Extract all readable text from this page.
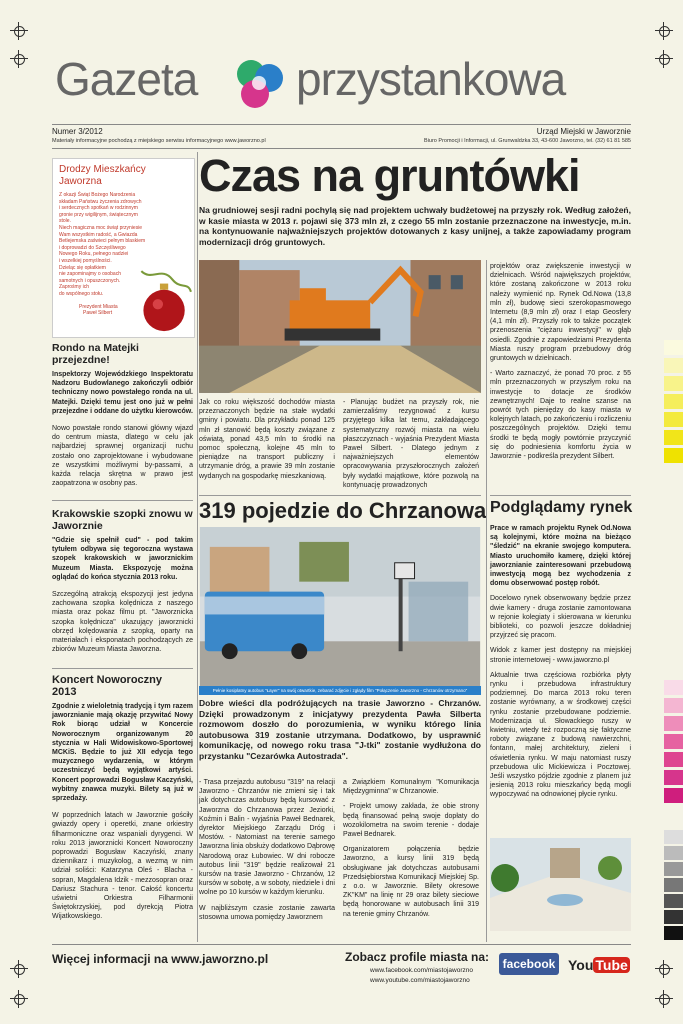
Gazeta przystankowa
Numer 3/2012	Urząd Miejski w Jaworznie
Materiały informacyjne pochodzą z miejskiego serwisu informacyjnego www.jaworzno.pl	Biuro Promocji i Informacji, ul. Grunwaldzka 33, 43-600 Jaworzno, tel. (32) 61 81 585
Drodzy Mieszkańcy Jaworzna
Z okazji Świąt Bożego Narodzenia
składam Państwu życzenia zdrowych
i serdecznych spotkań w rodzinnym
gronie przy wigilijnym, świątecznym stole.
Niech magiczna moc świąt przyniesie
Wam wszystkim radość, a Gwiazda
Betlejemska zaświeci pełnym blaskiem
i doprowadzi do Szczęśliwego
Nowego Roku, pełnego nadziei
i wszelkiej pomyślności.
Dzieląc się opłatkiem
nie zapominajmy o osobach
samotnych i opuszczonych.
Zaprośmy ich
do wspólnego stołu.
Prezydent Miasta
Paweł Silbert
Rondo na Matejki przejezdne!

Inspektorzy Wojewódzkiego Inspektoratu Nadzoru Budowlanego zakończyli odbiór techniczny nowo powstałego ronda na ul. Matejki. Dzięki temu jest ono już w pełni przejezdne i oddane do użytku kierowców.

Nowo powstałe rondo stanowi główny wjazd do centrum miasta, dlatego w celu jak najbardziej sprawnej organizacji ruchu zostało ono zaprojektowane i wybudowane ze wszystkimi możliwymi by-passami, a każda relacja skrętna w prawo jest zaopatrzona w osobny pas.

Krakowskie szopki znowu w Jaworznie

"Gdzie się spełnił cud" - pod takim tytułem odbywa się tegoroczna wystawa szopek krakowskich w jaworznickim Muzeum Miasta. Ekspozycję można oglądać do końca stycznia 2013 roku.

Szczególną atrakcją ekspozycji jest jedyna zachowana szopka kolędnicza z naszego miasta oraz pokaz filmu pt. "Jaworznicka szopka kolędnicza" ukazujący jaworznicki obrzęd kolędowania z szopką, oparty na materiałach i eksponatach pochodzących ze zbiorów Muzeum Miasta Jaworzna.

Koncert Noworoczny 2013

Zgodnie z wieloletnią tradycją i tym razem jaworznianie mają okazję przywitać Nowy Rok biorąc udział w Koncercie Noworocznym organizowanym 20 stycznia w Hali Widowiskowo-Sportowej MCKiS. Będzie to już XII edycja tego muzycznego wydarzenia, w którym uczestniczyć będą wyjątkowi artyści. Koncert poprowadzi Bogusław Kaczyński, wybitny znawca muzyki. Bilety są już w sprzedaży.

W poprzednich latach w Jaworznie gościły gwiazdy opery i operetki, znane orkiestry filharmoniczne oraz wspaniali dyrygenci. W roku 2013 jaworznicki Koncert Noworoczny poprowadzi Bogusław Kaczyński, znany dziennikarz i muzykolog, a wezmą w nim udział soliści: Katarzyna Oleś - Blacha - sopran, Magdalena Idzik - mezzosopran oraz Dariusz Stachura - tenor. Całość koncertu uświetni Orkiestra Filharmonii Świętokrzyskiej, pod dyrekcją Piotra Wijatkowskiego.

Czas na gruntówki
Na grudniowej sesji radni pochylą się nad projektem uchwały budżetowej na przyszły rok. Według założeń, w kasie miasta w 2013 r. pojawi się 373 mln zł, z czego 55 mln zostanie przeznaczone na inwestycje, m.in. na kontynuowanie najważniejszych projektów dotowanych z kasy unijnej, a także zapowiadamy program modernizacji dróg gruntowych.

Jak co roku większość dochodów miasta przeznaczonych będzie na stałe wydatki gminy i powiatu. Dla przykładu ponad 125 mln zł stanowić będą koszty związane z oświatą, ponad 43,5 mln to środki na pomoc społeczną, kolejne 45 mln to pieniądze na transport publiczny i utrzymanie dróg, a prawie 39 mln zostanie wydanych na gospodarkę mieszkaniową.

- Planując budżet na przyszły rok, nie zamierzaliśmy rezygnować z kursu przyjętego kilka lat temu, zakładającego systematyczny rozwój miasta na wielu płaszczyznach - wyjaśnia Prezydent Miasta Paweł Silbert. - Dlatego jednym z najważniejszych elementów opracowywania przyszłorocznych założeń były wydatki majątkowe, które pozwolą na kontynuację prowadzonych

projektów oraz zwiększenie inwestycji w dzielnicach. Wśród największych projektów, które zostaną zakończone w 2013 roku należy wymienić np. Rynek Od.Nowa (13,8 mln zł), budowę sieci szerokopasmowego Internetu (8,9 mln zł) oraz I etap Geosfery (4,1 mln zł). Przyszły rok to także początek przenoszenia "ciężaru inwestycji" w głąb osiedli. Zgodnie z zapowiedziami Prezydenta Miasta ruszy program przebudowy dróg gruntowych w dzielnicach.

- Warto zaznaczyć, że ponad 70 proc. z 55 mln przeznaczonych w przyszłym roku na inwestycje to dotacje ze środków zewnętrznych! Daje to realne szanse na powrót tych pieniędzy do kasy miasta w kolejnych latach, po zakończeniu i rozliczeniu poszczególnych projektów. Dzięki temu środki te będą mogły powtórnie przyczynić się do podniesienia komfortu życia w Jaworznie - podkreśla prezydent Silbert.

319 pojedzie do Chrzanowa
Pełnie kosiplatny autobus "Łayer" na swój otwartkie, zebarać zdjęcie i zgłądy film "Połączenie Jaworzno - Chrzanów otrzymano"
Dobre wieści dla podróżujących na trasie Jaworzno - Chrzanów. Dzięki prowadzonym z inicjatywy prezydenta Pawła Silberta rozmowom doszło do porozumienia, w wyniku którego linia autobusowa 319 zostanie utrzymana. Dodatkowo, by usprawnić komunikację, od nowego roku trasa "J-tki" zostanie wydłużona do przystanku "Cezarówka Autostrada".

- Trasa przejazdu autobusu "319" na relacji Jaworzno - Chrzanów nie zmieni się i tak jak dotychczas autobusy będą kursować z Jaworzna do Chrzanowa przez Jeziorki, Koźmin i Balin - wyjaśnia Paweł Bednarek, dyrektor Miejskiego Zarządu Dróg i Mostów. - Natomiast na terenie samego Jaworzna linia obsłuży dodatkowo Dąbrowę Narodową oraz Łubowiec. W dni robocze autobus linii "319" będzie realizował 21 kursów na trasie Jaworzno - Chrzanów, 12 kursów w sobotę, a w soboty, niedziele i dni wolne po 10 kursów w każdym kierunku.

W najbliższym czasie zostanie zawarta stosowna umowa pomiędzy Jaworznem

a Związkiem Komunalnym "Komunikacja Międzygminna" w Chrzanowie.

- Projekt umowy zakłada, że obie strony będą finansować pełną swoje dopłaty do wozokilometra na swoim terenie - dodaje Paweł Bednarek.

Organizatorem połączenia będzie Jaworzno, a kursy linii 319 będą obsługiwane jak dotychczas autobusami Przedsiębiorstwa Komunikacji Miejskiej Sp. z o.o. w Jaworznie. Bilety okresowe ZK"KM" na linię nr 29 oraz bilety sieciowe będą honorowane w autobusach linii 319 na terenie gminy Chrzanów.

Podglądamy rynek

Prace w ramach projektu Rynek Od.Nowa są kolejnymi, które można na bieżąco "śledzić" na ekranie swojego komputera. Miasto uruchomiło kamerę, dzięki której jaworznianie zainteresowani przebudową inwestycją mogą bez wychodzenia z domu obserwować postęp robót.

Docelowo rynek obserwowany będzie przez dwie kamery - druga zostanie zamontowana w rejonie kolegiaty i skierowana w kierunku biblioteki, co pozwoli jeszcze dokładniej przyjrzeć się pracom.

Widok z kamer jest dostępny na miejskiej stronie internetowej - www.jaworzno.pl

Aktualnie trwa częściowa rozbiórka płyty rynku i przebudowa infrastruktury podziemnej. Do marca 2013 roku teren zostanie wyrównany, a w środkowej części rynku zostanie przebudowane podziemie. Modernizacja ul. Słowackiego ruszy w kwietniu, wtedy też rozpoczną się faktyczne roboty związane z budową nawierzchni, fontann, małej architektury, zieleni i oświetlenia rynku. W maju natomiast ruszy przebudowa ulic Mickiewicza i Pocztowej. Jeśli wszystko pójdzie zgodnie z planem już jesienią 2013 roku mieszkańcy będą mogli wypoczywać na odnowionej płycie rynku.

Więcej informacji na www.jaworzno.pl	Zobacz profile miasta na:
www.facebook.com/miastojaworzno
www.youtube.com/miastojaworzno
facebook You Tube
